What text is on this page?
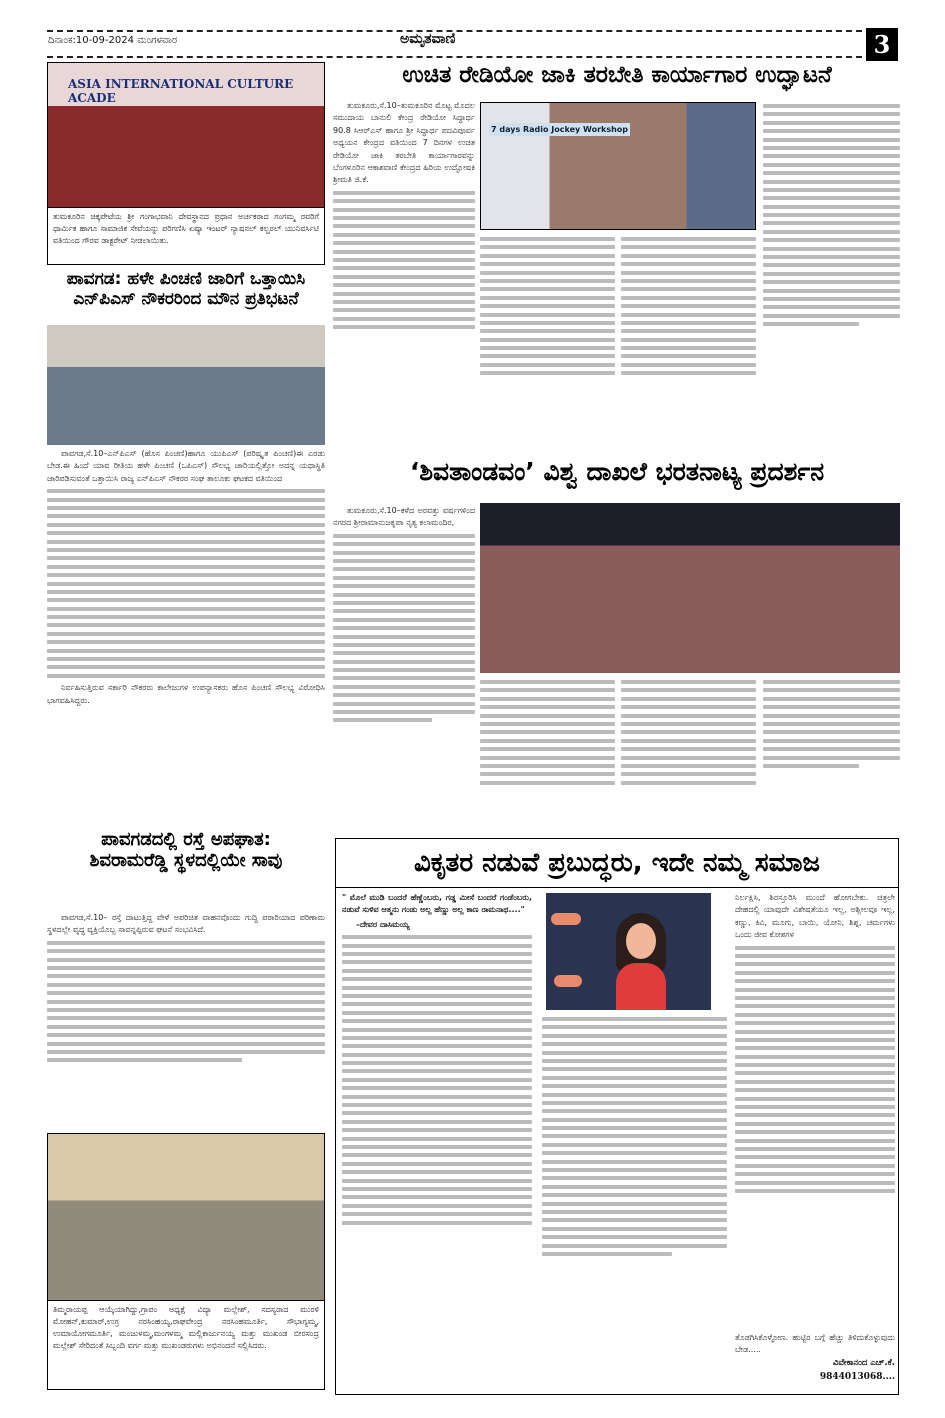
ದಿನಾಂಕ:10-09-2024 ಮಂಗಳವಾರ	ಅಮೃತವಾಣಿ	3
ASIA INTERNATIONAL CULTURE ACADE
ತುಮಕೂರಿನ ಚಿಕ್ಕಪೇಟೆಯ ಶ್ರೀ ಗಂಗಾಭವಾನಿ ದೇವಸ್ಥಾನದ ಪ್ರಧಾನ ಅರ್ಚಕರಾದ ಗಂಗಮ್ಮ ರವರಿಗೆ ಧಾರ್ಮಿಕ ಹಾಗೂ ಸಾಮಾಜಿಕ ಸೇವೆಯನ್ನು ಪರಿಗಣಿಸಿ ಏಷ್ಯಾ ಇಂಟರ್ ನ್ಯಾಷನಲ್ ಕಲ್ಚರಲ್ ಯುನಿವರ್ಸಿಟಿ ವತಿಯಿಂದ ಗೌರವ ಡಾಕ್ಟರೇಟ್ ನೀಡಲಾಯಿತು.
ಪಾವಗಡ: ಹಳೇ ಪಿಂಚಣಿ ಜಾರಿಗೆ ಒತ್ತಾಯಿಸಿ
ಎನ್‌ಪಿಎಸ್ ನೌಕರರಿಂದ ಮೌನ ಪ್ರತಿಭಟನೆ

ಪಾವಗಡ,ಸೆ.10–ಎನ್‌ಪಿಎಸ್ (ಹೊಸ ಪಿಂಚಣಿ)ಹಾಗೂ ಯುಪಿಎಸ್ (ಪರಿಷ್ಕೃತ ಪಿಂಚಣಿ)ಈ ಎರಡು ಬೇಡ.ಈ ಹಿಂದೆ ಯಾವ ರೀತಿಯ ಹಳೇ ಪಿಂಚಣಿ (ಒಪಿಎಸ್) ಸೌಲಭ್ಯ ಜಾರಿಯಲ್ಲಿತ್ತೋ ಅದನ್ನ ಯಥಾಸ್ಥಿತಿ ಜಾರಿಪಡಿಸುವಂತೆ ಒತ್ತಾಯಿಸಿ ರಾಜ್ಯ ಎನ್‌ಪಿಎಸ್ ನೌಕರರ ಸಂಘ ತಾಲೂಕು ಘಟಕದ ವತಿಯಿಂದ

ನಿರ್ವಹಿಸುತ್ತಿರುವ ಸರ್ಕಾರಿ ನೌಕರರು ಕಾಲೇಜುಗಳ ಉಪನ್ಯಾಸಕರು ಹೊಸ ಪಿಂಚಣಿ ಸೌಲಭ್ಯ ವಿರೋಧಿಸಿ ಭಾಗವಹಿಸಿದ್ದರು.

ಪಾವಗಡದಲ್ಲಿ ರಸ್ತೆ ಅಪಘಾತ:
ಶಿವರಾಮರೆಡ್ಡಿ ಸ್ಥಳದಲ್ಲಿಯೇ ಸಾವು

ಪಾವಗಡ,ಸೆ.10– ರಸ್ತೆ ದಾಟುತ್ತಿದ್ದ ವೇಳೆ ಅಪರಿಚಿತ ವಾಹನವೊಂದು ಗುದ್ದಿ ಪರಾರಿಯಾದ ಪರಿಣಾಮ ಸ್ಥಳದಲ್ಲೇ ವೃದ್ಧ ವ್ಯಕ್ತಿಯೊಬ್ಬ ಸಾವನ್ನಪ್ಪಿರುವ ಘಟನೆ ಸಂಭವಿಸಿದೆ.

ತಿಮ್ಮರಾಯಪ್ಪ ಆಯ್ಕೆಯಾಗಿದ್ದು,ಗ್ರಾಪಂ ಅಧ್ಯಕ್ಷೆ ವಿದ್ಯಾ ಮಲ್ಲೇಶ್, ಸದಸ್ಯರಾದ ಮುರಳಿ ಮೋಹನ್,ಕುಮಾರ್,ಉಗ್ರ ನರಸಿಂಹಯ್ಯ,ರಾಘವೇಂದ್ರ ನರಸಿಂಹಮೂರ್ತಿ, ಸೌಭಾಗ್ಯಮ್ಮ, ಉಮಾಯೋಗಮೂರ್ತಿ, ಮಂಜುಳಮ್ಮ,ಮಂಗಳಮ್ಮ ಮಲ್ಲಿಕಾರ್ಜುನಯ್ಯ ಮತ್ತು ಮುಖಂಡ ಬೀರಸಂದ್ರ ಮಲ್ಲೇಶ್ ಸೇರಿದಂತೆ ಸಿಬ್ಬಂದಿ ವರ್ಗ ಮತ್ತು ಮುಖಂಡರುಗಳು ಅಭಿನಂದನೆ ಸಲ್ಲಿಸಿದರು.
ಉಚಿತ ರೇಡಿಯೋ ಜಾಕಿ ತರಬೇತಿ ಕಾರ್ಯಾಗಾರ ಉದ್ಘಾಟನೆ

ತುಮಕೂರು,ಸೆ.10–ತುಮಕೂರಿನ ಮೊಟ್ಟ ಮೊದಲ ಸಮುದಾಯ ಬಾನುಲಿ ಕೇಂದ್ರ ರೇಡಿಯೋ ಸಿದ್ಧಾರ್ಥ 90.8 ಸಿಆರ್‌ಎಸ್ ಹಾಗೂ ಶ್ರೀ ಸಿದ್ಧಾರ್ಥ ಪದವಿಪೂರ್ವ ಅಧ್ಯಯನ ಕೇಂದ್ರದ ವತಿಯಿಂದ 7 ದಿನಗಳ ಉಚಿತ ರೇಡಿಯೋ ಜಾಕಿ ತರಬೇತಿ ಕಾರ್ಯಾಗಾರವನ್ನು ಬೆಂಗಳೂರಿನ ಆಕಾಶವಾಣಿ ಕೇಂದ್ರದ ಹಿರಿಯ ಉದ್ಘೋಷಕಿ ಶ್ರೀಮತಿ ಜಿ.ಕೆ.

7 days Radio Jockey Workshop
‘ಶಿವತಾಂಡವಂ’ ವಿಶ್ವ ದಾಖಲೆ ಭರತನಾಟ್ಯ ಪ್ರದರ್ಶನ

ತುಮಕೂರು,ಸೆ.10–ಕಳೆದ ಅರವತ್ತು ವರ್ಷಗಳಿಂದ ನಗರದ ಶ್ರೀರಾಮಾನುಜಕೃಪಾ ನೃತ್ಯ ಕಲಾಮಂದಿರ,

ವಿಕೃತರ ನಡುವೆ ಪ್ರಬುದ್ಧರು, ಇದೇ ನಮ್ಮ ಸಮಾಜ

" ಮೊಲೆ ಮುಡಿ ಬಂದರೆ ಹೆಣ್ಣೆಂಬರು, ಗಡ್ಡ ಮೀಸೆ ಬಂದರೆ ಗಂಡೆಂಬರು, ನಡುವೆ ಸುಳಿವ ಆತ್ಮನು ಗಂಡು ಅಲ್ಲ ಹೆಣ್ಣು ಅಲ್ಲ ಕಾಣ ರಾಮನಾಥ...."

–ದೇವರ ದಾಸಿಮಯ್ಯ

ನಿರ್ಲಕ್ಷಿಸಿ, ಶಿರಸ್ತೂರಿಸಿ ಮುಂದೆ ಹೋಗಬೇಕು. ಚಿತ್ರಲೇ ದೇಹದಲ್ಲಿ ಯಾವುದೇ ವಿಶೇಷತೆಯೂ ಇಲ್ಲ, ಅಶ್ಲೀಲವೂ ಇಲ್ಲ, ಕಣ್ಣು, ಕಿವಿ, ಮೂಗು, ಬಾಯಿ, ಯೋನಿ, ಶಿಶ್ನ, ಚರ್ಮಗಳು ಒಂದು ಜೀವ ಕೋಶಗಳ

ತೊಡಗಿಸಿಕೊಳ್ಳೋಣ. ಹುಟ್ಟಿರ ಬಗ್ಗೆ ಹೆಚ್ಚು ತಿಳಿದುಕೊಳ್ಳುವುದು ಬೇಡ.....
ವಿವೇಕಾನಂದ ಎಚ್.ಕೆ.
9844013068....
